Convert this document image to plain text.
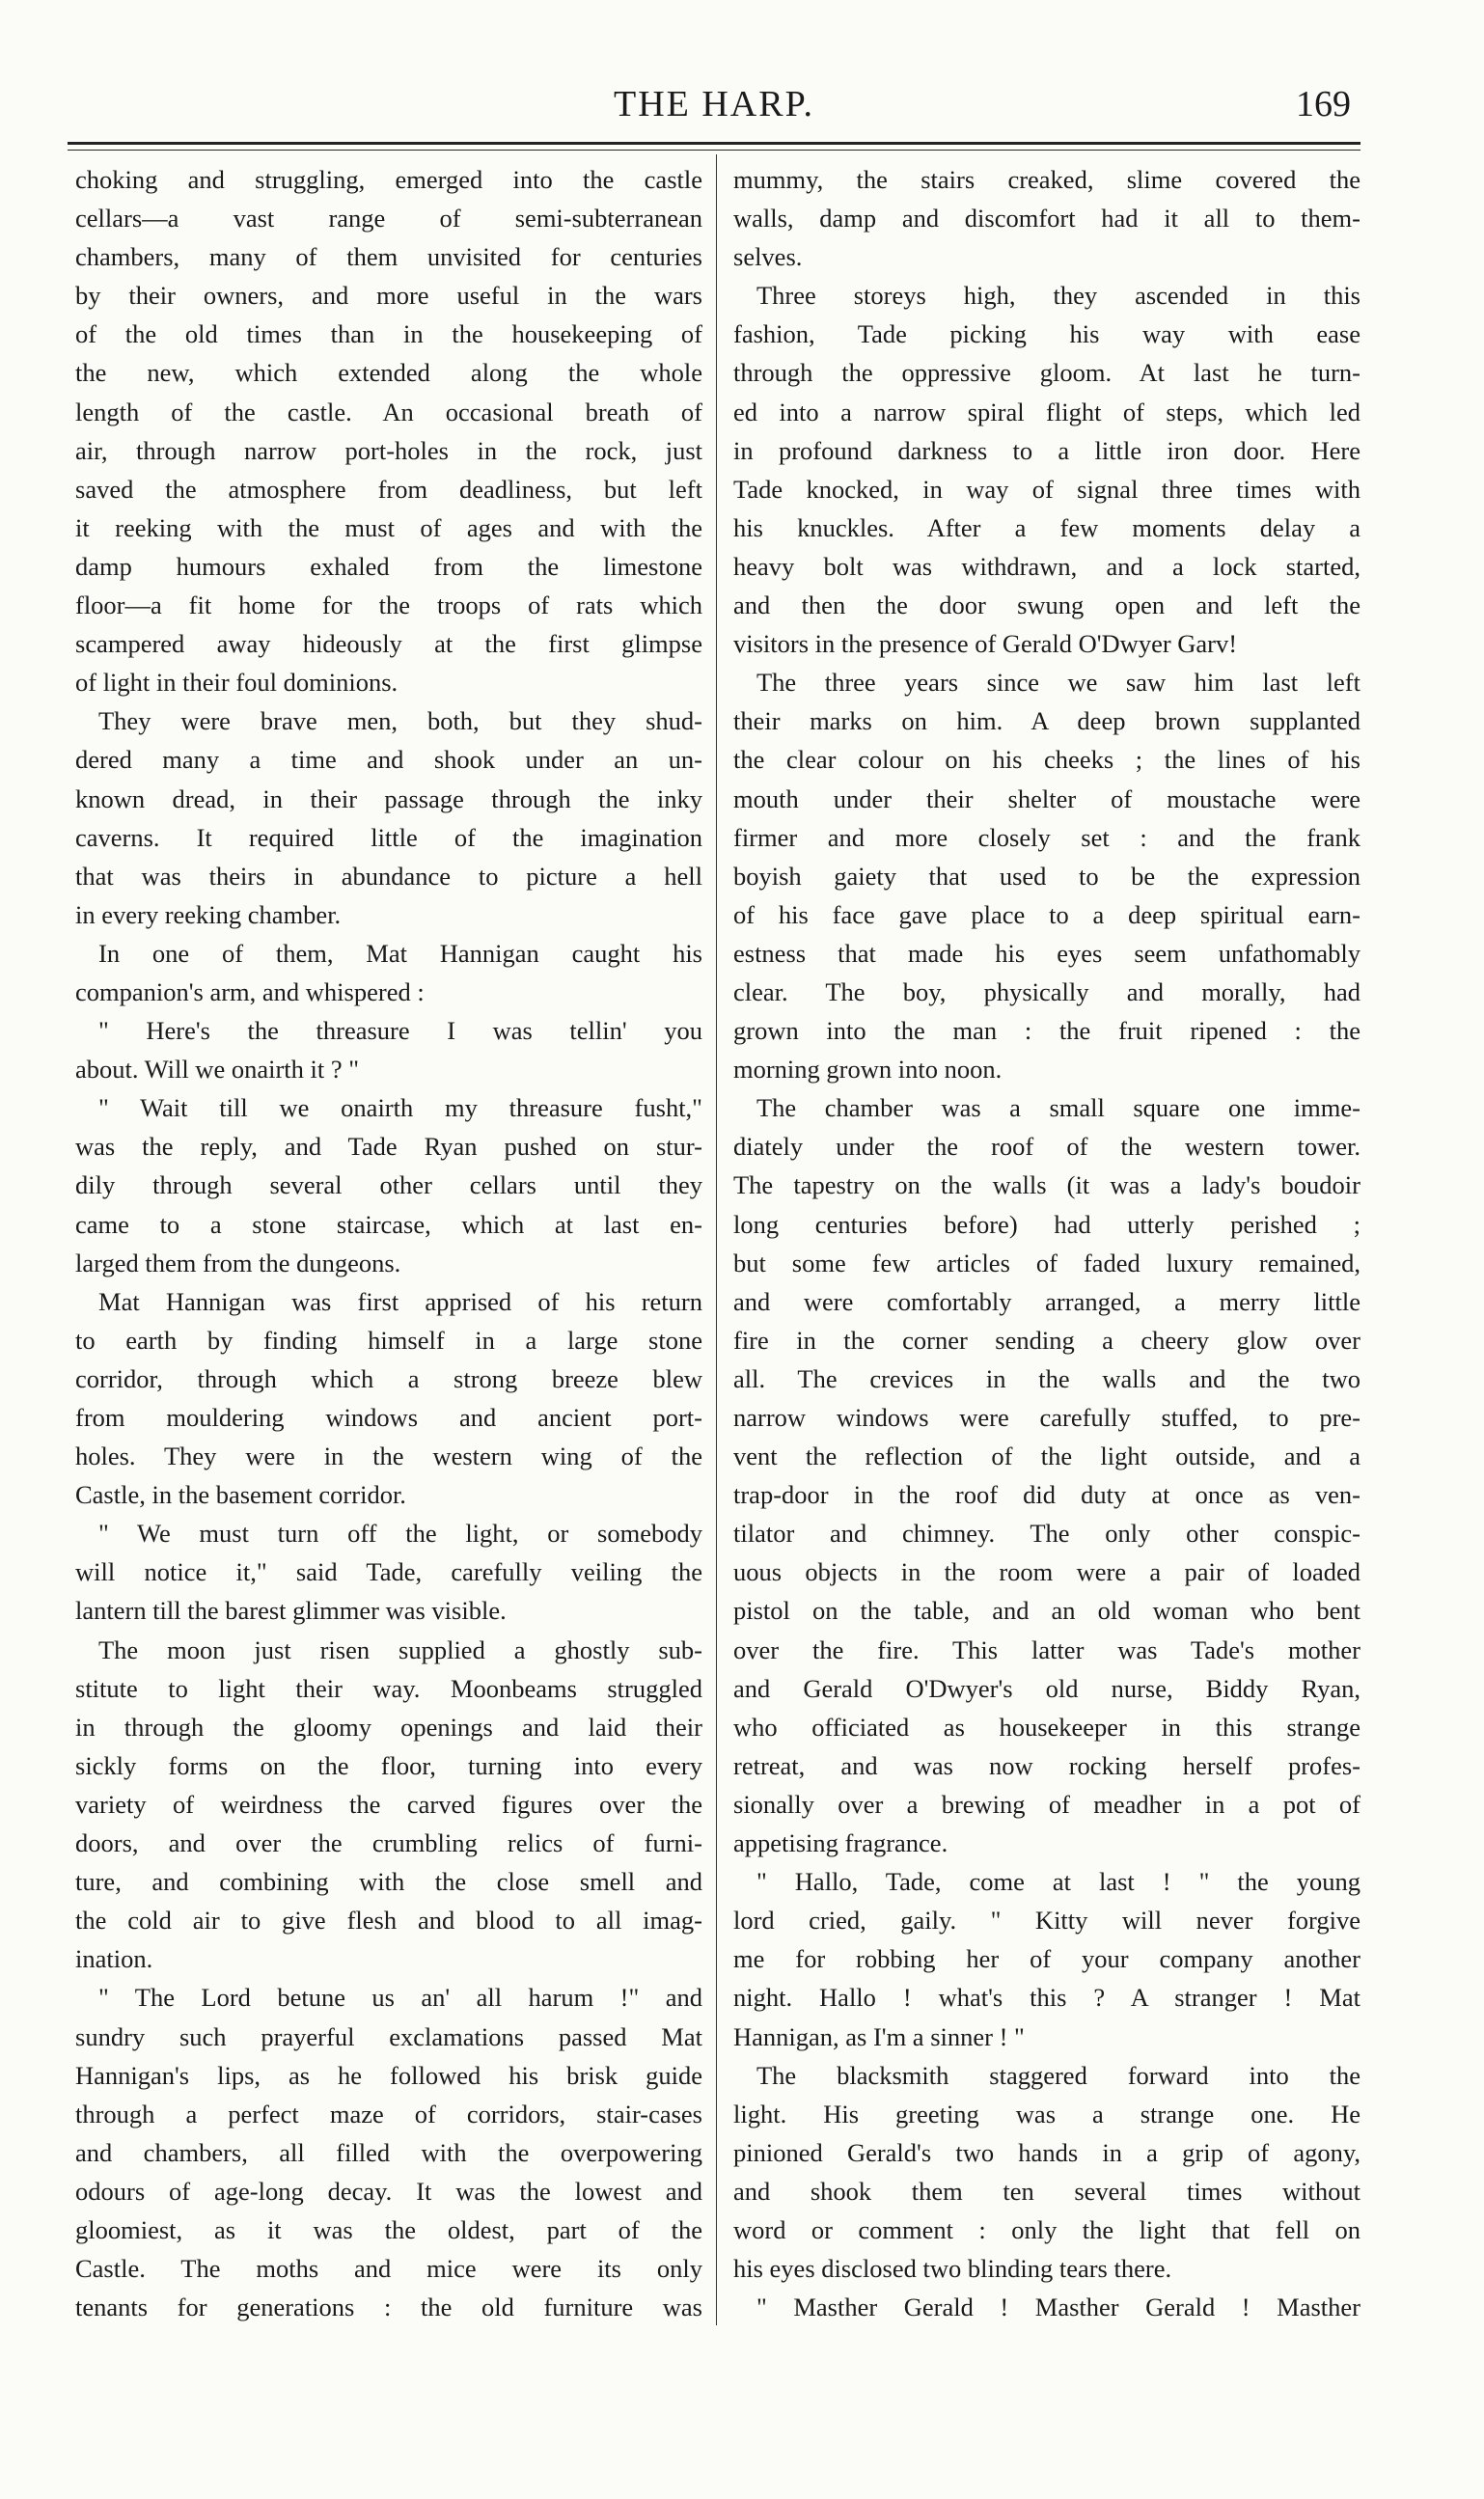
THE HARP.	169
choking and struggling, emerged into the castle
cellars—a vast range of semi-subterranean
chambers, many of them unvisited for centuries
by their owners, and more useful in the wars
of the old times than in the housekeeping of
the new, which extended along the whole
length of the castle. An occasional breath of
air, through narrow port-holes in the rock, just
saved the atmosphere from deadliness, but left
it reeking with the must of ages and with the
damp humours exhaled from the limestone
floor—a fit home for the troops of rats which
scampered away hideously at the first glimpse
of light in their foul dominions.
They were brave men, both, but they shud-
dered many a time and shook under an un-
known dread, in their passage through the inky
caverns. It required little of the imagination
that was theirs in abundance to picture a hell
in every reeking chamber.
In one of them, Mat Hannigan caught his
companion's arm, and whispered :
" Here's the threasure I was tellin' you
about. Will we onairth it ? "
" Wait till we onairth my threasure fusht,"
was the reply, and Tade Ryan pushed on stur-
dily through several other cellars until they
came to a stone staircase, which at last en-
larged them from the dungeons.
Mat Hannigan was first apprised of his return
to earth by finding himself in a large stone
corridor, through which a strong breeze blew
from mouldering windows and ancient port-
holes. They were in the western wing of the
Castle, in the basement corridor.
" We must turn off the light, or somebody
will notice it," said Tade, carefully veiling the
lantern till the barest glimmer was visible.
The moon just risen supplied a ghostly sub-
stitute to light their way. Moonbeams struggled
in through the gloomy openings and laid their
sickly forms on the floor, turning into every
variety of weirdness the carved figures over the
doors, and over the crumbling relics of furni-
ture, and combining with the close smell and
the cold air to give flesh and blood to all imag-
ination.
" The Lord betune us an' all harum !" and
sundry such prayerful exclamations passed Mat
Hannigan's lips, as he followed his brisk guide
through a perfect maze of corridors, stair-cases
and chambers, all filled with the overpowering
odours of age-long decay. It was the lowest and
gloomiest, as it was the oldest, part of the
Castle. The moths and mice were its only
tenants for generations : the old furniture was
mummy, the stairs creaked, slime covered the
walls, damp and discomfort had it all to them-
selves.
Three storeys high, they ascended in this
fashion, Tade picking his way with ease
through the oppressive gloom. At last he turn-
ed into a narrow spiral flight of steps, which led
in profound darkness to a little iron door. Here
Tade knocked, in way of signal three times with
his knuckles. After a few moments delay a
heavy bolt was withdrawn, and a lock started,
and then the door swung open and left the
visitors in the presence of Gerald O'Dwyer Garv!
The three years since we saw him last left
their marks on him. A deep brown supplanted
the clear colour on his cheeks ; the lines of his
mouth under their shelter of moustache were
firmer and more closely set : and the frank
boyish gaiety that used to be the expression
of his face gave place to a deep spiritual earn-
estness that made his eyes seem unfathomably
clear. The boy, physically and morally, had
grown into the man : the fruit ripened : the
morning grown into noon.
The chamber was a small square one imme-
diately under the roof of the western tower.
The tapestry on the walls (it was a lady's boudoir
long centuries before) had utterly perished ;
but some few articles of faded luxury remained,
and were comfortably arranged, a merry little
fire in the corner sending a cheery glow over
all. The crevices in the walls and the two
narrow windows were carefully stuffed, to pre-
vent the reflection of the light outside, and a
trap-door in the roof did duty at once as ven-
tilator and chimney. The only other conspic-
uous objects in the room were a pair of loaded
pistol on the table, and an old woman who bent
over the fire. This latter was Tade's mother
and Gerald O'Dwyer's old nurse, Biddy Ryan,
who officiated as housekeeper in this strange
retreat, and was now rocking herself profes-
sionally over a brewing of meadher in a pot of
appetising fragrance.
" Hallo, Tade, come at last ! " the young
lord cried, gaily. " Kitty will never forgive
me for robbing her of your company another
night. Hallo ! what's this ? A stranger ! Mat
Hannigan, as I'm a sinner ! "
The blacksmith staggered forward into the
light. His greeting was a strange one. He
pinioned Gerald's two hands in a grip of agony,
and shook them ten several times without
word or comment : only the light that fell on
his eyes disclosed two blinding tears there.
" Masther Gerald ! Masther Gerald ! Masther
